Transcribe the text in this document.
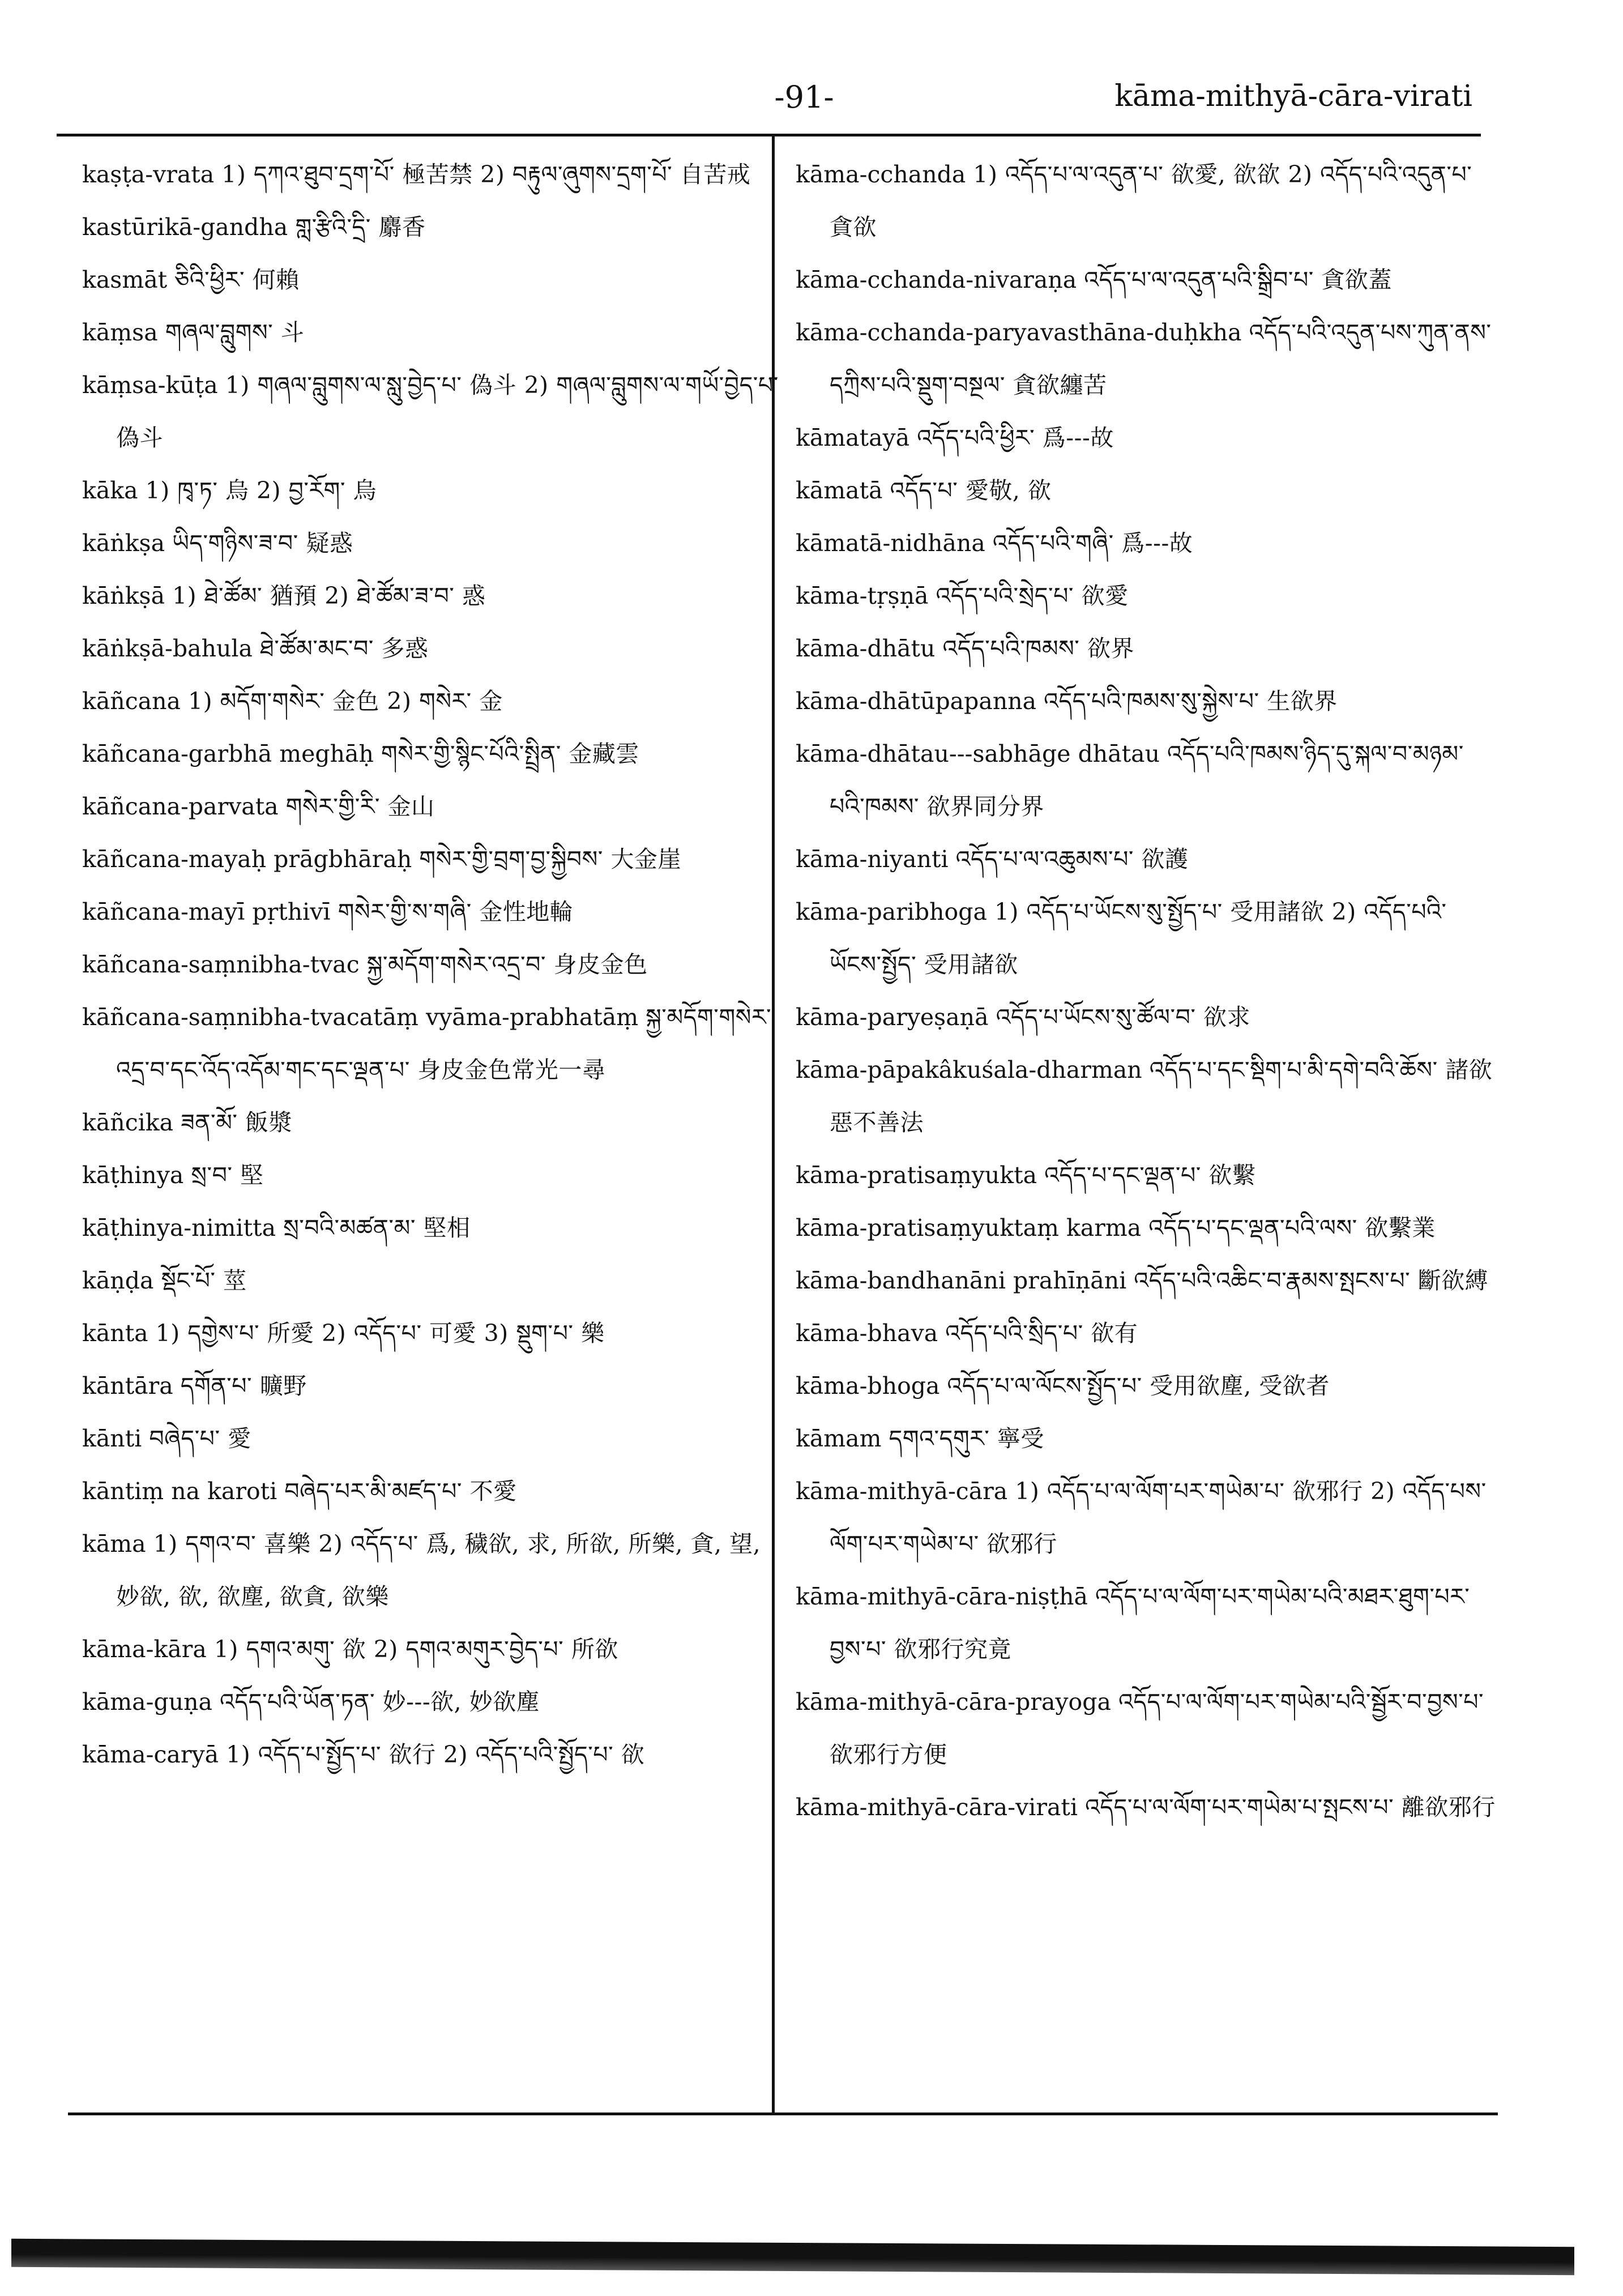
-91-	kāma-mithyā-cāra-virati

kaṣṭa-vrata 1) དཀའ་ཐུབ་དྲག་པོ་ 極苦禁 2) བརྟུལ་ཞུགས་དྲག་པོ་ 自苦戒

kastūrikā-gandha གླ་རྩིའི་དྲི་ 麝香

kasmāt ཅིའི་ཕྱིར་ 何賴

kāṃsa གཞལ་བླུགས་ 斗

kāṃsa-kūṭa 1) གཞལ་བླུགས་ལ་སླུ་བྱེད་པ་ 偽斗 2) གཞལ་བླུགས་ལ་གཡོ་བྱེད་པ་ 偽斗

kāka 1) ཁྭ་ཏ་ 烏 2) བྱ་རོག་ 烏

kāṅkṣa ཡིད་གཉིས་ཟ་བ་ 疑惑

kāṅkṣā 1) ཐེ་ཚོམ་ 猶預 2) ཐེ་ཚོམ་ཟ་བ་ 惑

kāṅkṣā-bahula ཐེ་ཚོམ་མང་བ་ 多惑

kāñcana 1) མདོག་གསེར་ 金色 2) གསེར་ 金

kāñcana-garbhā meghāḥ གསེར་གྱི་སྙིང་པོའི་སྤྲིན་ 金藏雲

kāñcana-parvata གསེར་གྱི་རི་ 金山

kāñcana-mayaḥ prāgbhāraḥ གསེར་གྱི་བྲག་བྱ་སྐྱིབས་ 大金崖

kāñcana-mayī pṛthivī གསེར་གྱི་ས་གཞི་ 金性地輪

kāñcana-saṃnibha-tvac སྐྱ་མདོག་གསེར་འདྲ་བ་ 身皮金色

kāñcana-saṃnibha-tvacatāṃ vyāma-prabhatāṃ སྐྱ་མདོག་གསེར་འདྲ་བ་དང་འོད་འདོམ་གང་དང་ལྡན་པ་ 身皮金色常光一尋

kāñcika ཟན་མོ་ 飯漿

kāṭhinya སྲ་བ་ 堅

kāṭhinya-nimitta སྲ་བའི་མཚན་མ་ 堅相

kāṇḍa སྡོང་པོ་ 莖

kānta 1) དགྱེས་པ་ 所愛 2) འདོད་པ་ 可愛 3) སྡུག་པ་ 樂

kāntāra དགོན་པ་ 曠野

kānti བཞེད་པ་ 愛

kāntiṃ na karoti བཞེད་པར་མི་མཛད་པ་ 不愛

kāma 1) དགའ་བ་ 喜樂 2) འདོད་པ་ 爲, 穢欲, 求, 所欲, 所樂, 貪, 望, 妙欲, 欲, 欲塵, 欲貪, 欲樂

kāma-kāra 1) དགའ་མགུ་ 欲 2) དགའ་མགུར་བྱེད་པ་ 所欲

kāma-guṇa འདོད་པའི་ཡོན་ཏན་ 妙---欲, 妙欲塵

kāma-caryā 1) འདོད་པ་སྤྱོད་པ་ 欲行 2) འདོད་པའི་སྤྱོད་པ་ 欲

kāma-cchanda 1) འདོད་པ་ལ་འདུན་པ་ 欲愛, 欲欲 2) འདོད་པའི་འདུན་པ་ 貪欲

kāma-cchanda-nivaraṇa འདོད་པ་ལ་འདུན་པའི་སྒྲིབ་པ་ 貪欲蓋

kāma-cchanda-paryavasthāna-duḥkha འདོད་པའི་འདུན་པས་ཀུན་ནས་དཀྲིས་པའི་སྡུག་བསྔལ་ 貪欲纏苦

kāmatayā འདོད་པའི་ཕྱིར་ 爲---故

kāmatā འདོད་པ་ 愛敬, 欲

kāmatā-nidhāna འདོད་པའི་གཞི་ 爲---故

kāma-tṛṣṇā འདོད་པའི་སྲེད་པ་ 欲愛

kāma-dhātu འདོད་པའི་ཁམས་ 欲界

kāma-dhātūpapanna འདོད་པའི་ཁམས་སུ་སྐྱེས་པ་ 生欲界

kāma-dhātau---sabhāge dhātau འདོད་པའི་ཁམས་ཉིད་དུ་སྐལ་བ་མཉམ་པའི་ཁམས་ 欲界同分界

kāma-niyanti འདོད་པ་ལ་འཆུམས་པ་ 欲護

kāma-paribhoga 1) འདོད་པ་ཡོངས་སུ་སྤྱོད་པ་ 受用諸欲 2) འདོད་པའི་ཡོངས་སྤྱོད་ 受用諸欲

kāma-paryeṣaṇā འདོད་པ་ཡོངས་སུ་ཚོལ་བ་ 欲求

kāma-pāpakâkuśala-dharman འདོད་པ་དང་སྡིག་པ་མི་དགེ་བའི་ཆོས་ 諸欲惡不善法

kāma-pratisaṃyukta འདོད་པ་དང་ལྡན་པ་ 欲繫

kāma-pratisaṃyuktaṃ karma འདོད་པ་དང་ལྡན་པའི་ལས་ 欲繫業

kāma-bandhanāni prahīṇāni འདོད་པའི་འཆིང་བ་རྣམས་སྤངས་པ་ 斷欲縛

kāma-bhava འདོད་པའི་སྲིད་པ་ 欲有

kāma-bhoga འདོད་པ་ལ་ལོངས་སྤྱོད་པ་ 受用欲塵, 受欲者

kāmam དགའ་དགུར་ 寧受

kāma-mithyā-cāra 1) འདོད་པ་ལ་ལོག་པར་གཡེམ་པ་ 欲邪行 2) འདོད་པས་ལོག་པར་གཡེམ་པ་ 欲邪行

kāma-mithyā-cāra-niṣṭhā འདོད་པ་ལ་ལོག་པར་གཡེམ་པའི་མཐར་ཐུག་པར་བྱས་པ་ 欲邪行究竟

kāma-mithyā-cāra-prayoga འདོད་པ་ལ་ལོག་པར་གཡེམ་པའི་སྦྱོར་བ་བྱས་པ་ 欲邪行方便

kāma-mithyā-cāra-virati འདོད་པ་ལ་ལོག་པར་གཡེམ་པ་སྤངས་པ་ 離欲邪行
